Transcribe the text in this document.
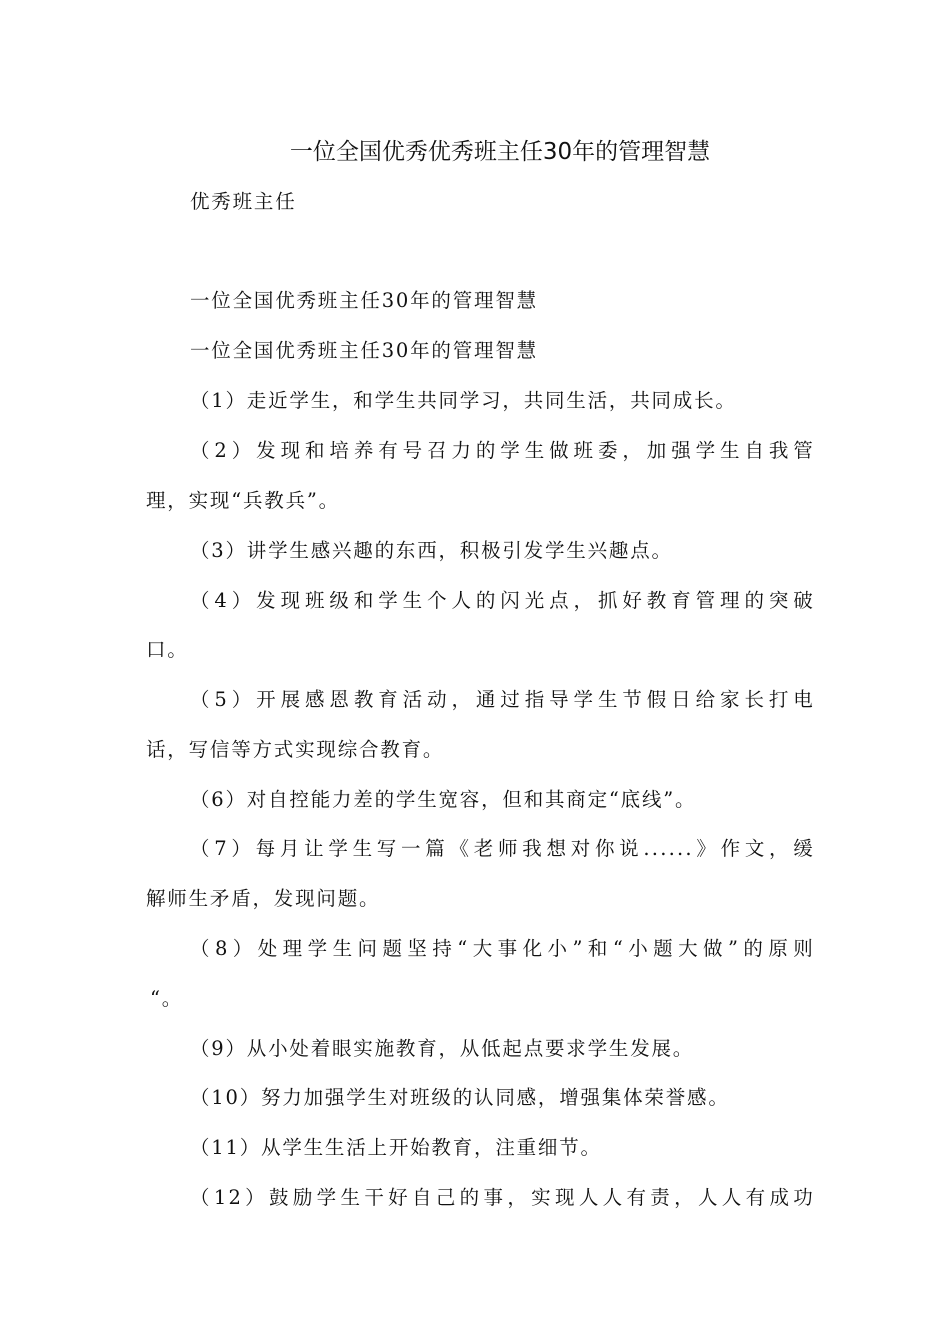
一位全国优秀优秀班主任30年的管理智慧
优秀班主任
一位全国优秀班主任30年的管理智慧
一位全国优秀班主任30年的管理智慧
（1）走近学生，和学生共同学习，共同生活，共同成长。
（2）发现和培养有号召力的学生做班委，加强学生自我管
理，实现“兵教兵”。
（3）讲学生感兴趣的东西，积极引发学生兴趣点。
（4）发现班级和学生个人的闪光点，抓好教育管理的突破
口。
（5）开展感恩教育活动，通过指导学生节假日给家长打电
话，写信等方式实现综合教育。
（6）对自控能力差的学生宽容，但和其商定“底线”。
（7）每月让学生写一篇《老师我想对你说......》作文，缓
解师生矛盾，发现问题。
（8）处理学生问题坚持“大事化小”和“小题大做”的原则
“。
（9）从小处着眼实施教育，从低起点要求学生发展。
（10）努力加强学生对班级的认同感，增强集体荣誉感。
（11）从学生生活上开始教育，注重细节。
（12）鼓励学生干好自己的事，实现人人有责，人人有成功
